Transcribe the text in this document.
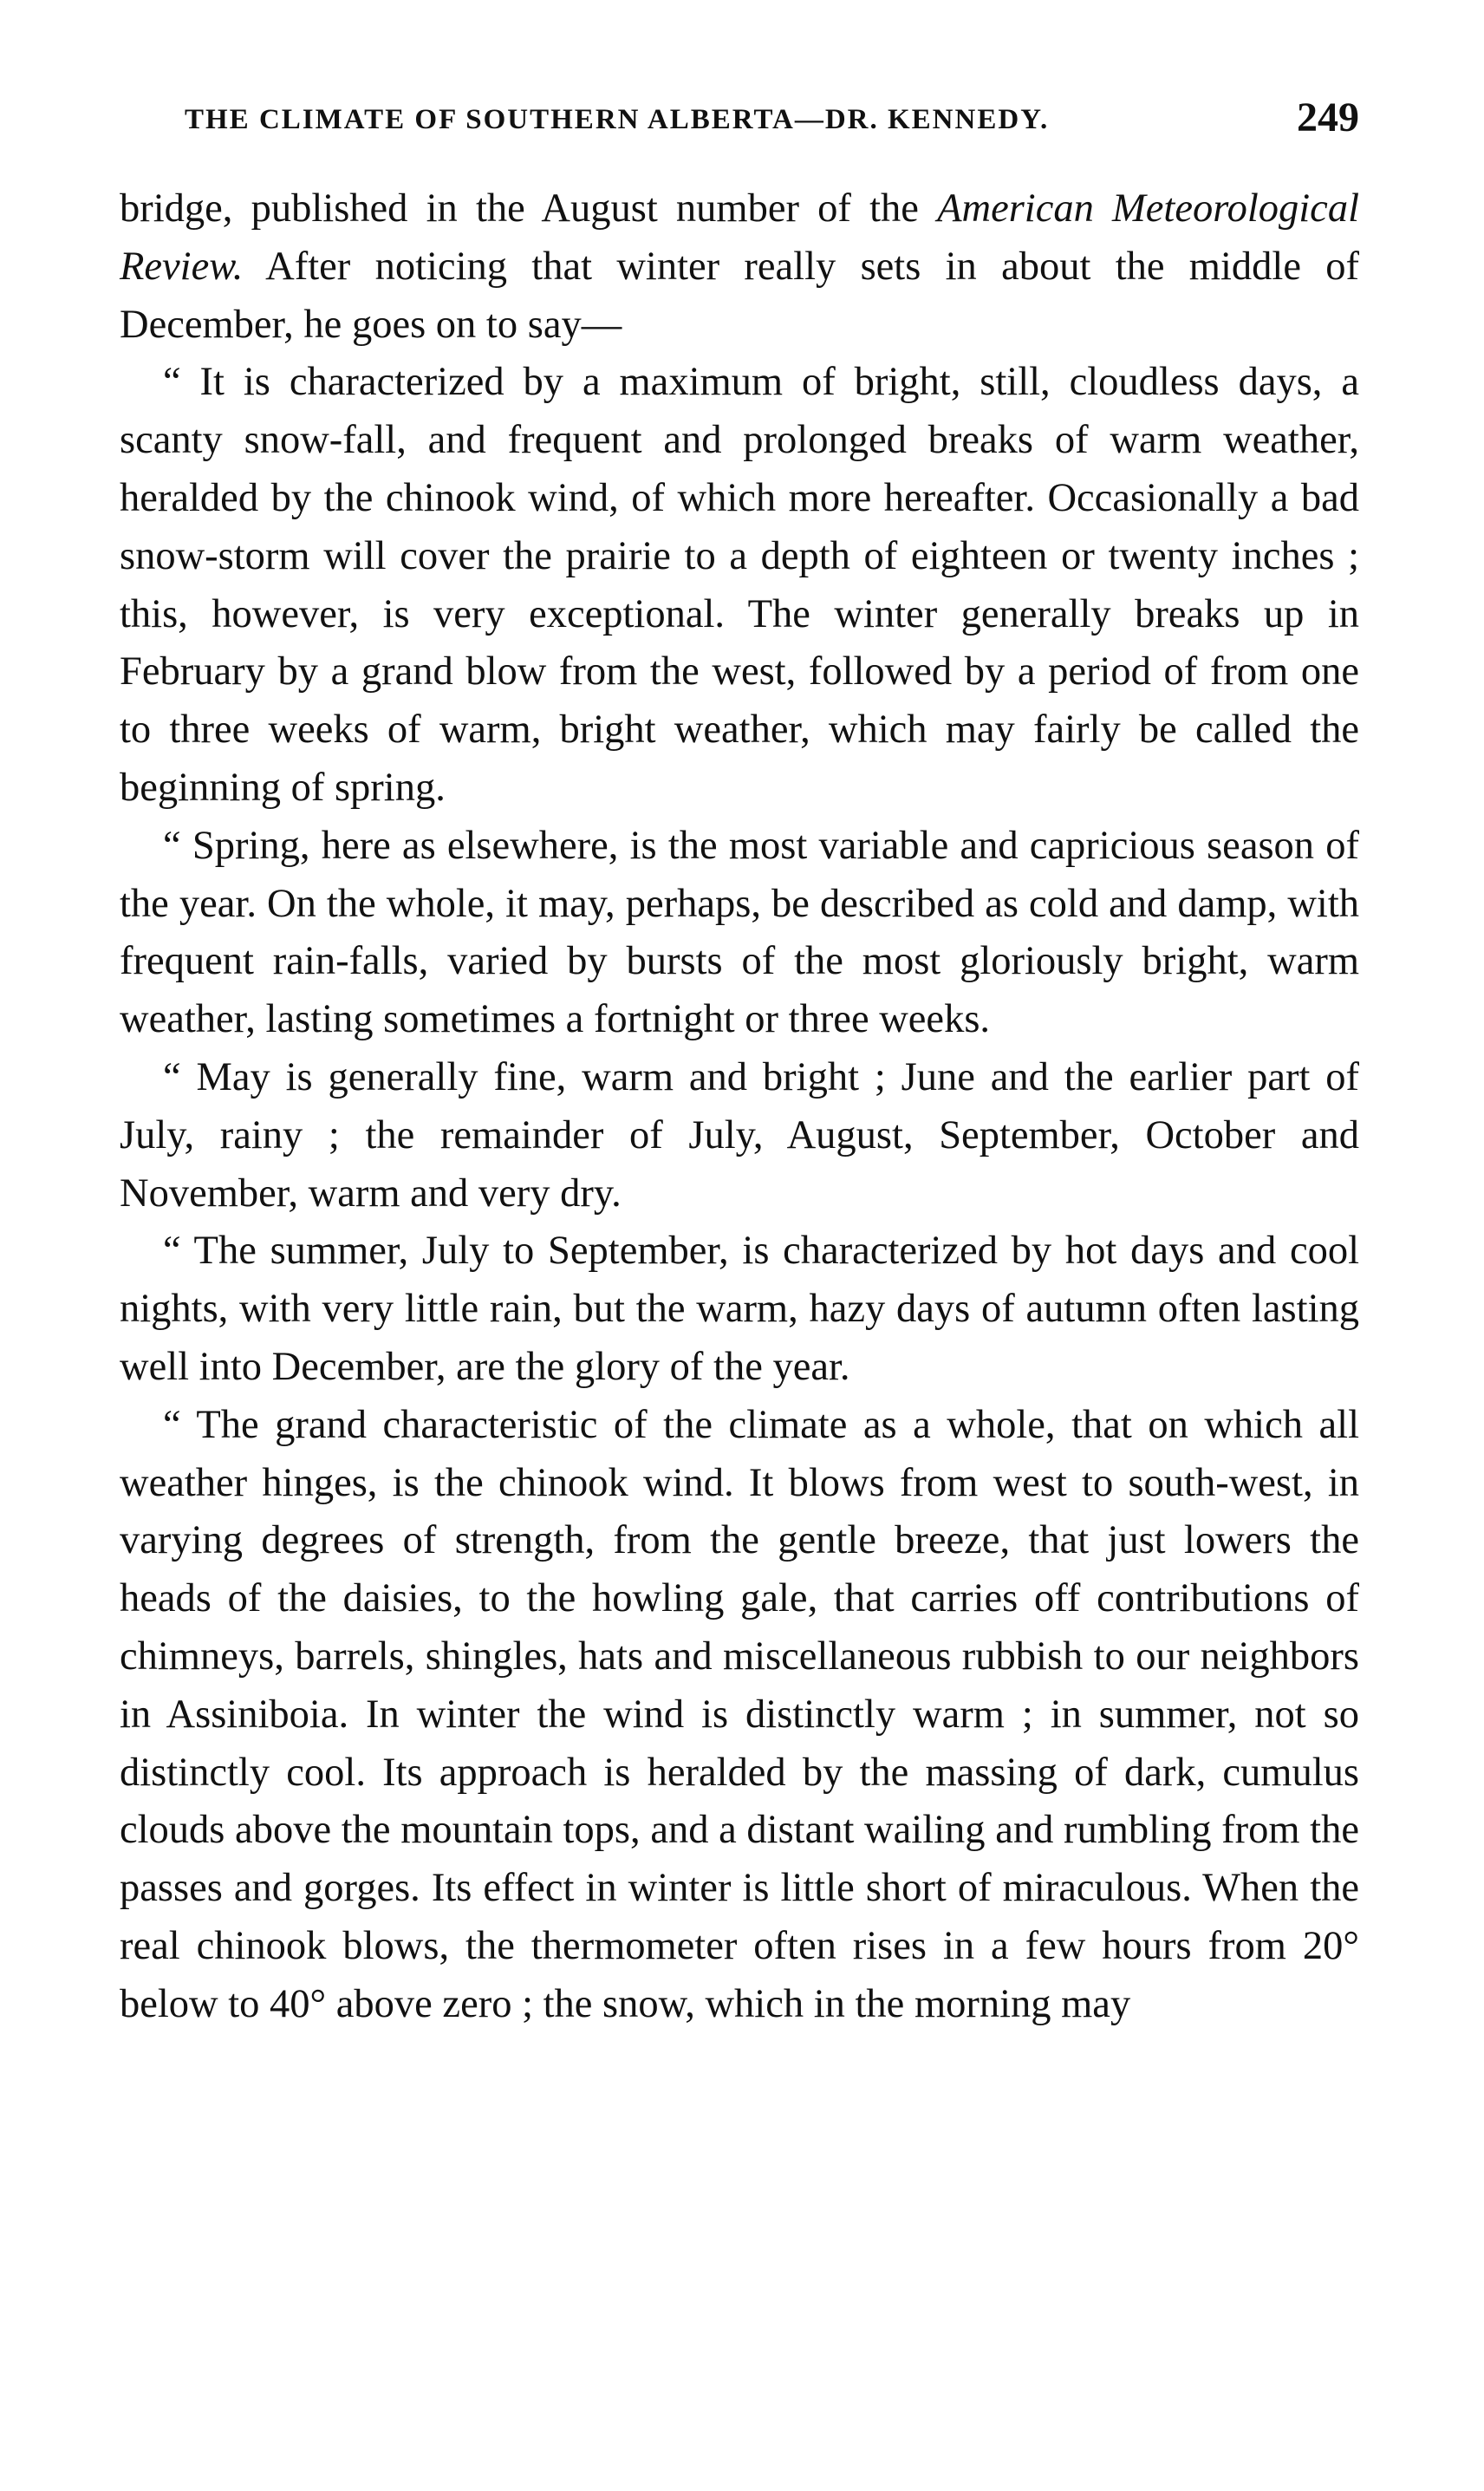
THE CLIMATE OF SOUTHERN ALBERTA—DR. KENNEDY.	249

bridge, published in the August number of the American Meteorological Review. After noticing that winter really sets in about the middle of December, he goes on to say—

“ It is characterized by a maximum of bright, still, cloudless days, a scanty snow-fall, and frequent and prolonged breaks of warm weather, heralded by the chinook wind, of which more hereafter. Occasionally a bad snow-storm will cover the prairie to a depth of eighteen or twenty inches ; this, however, is very exceptional. The winter generally breaks up in February by a grand blow from the west, followed by a period of from one to three weeks of warm, bright weather, which may fairly be called the beginning of spring.

“ Spring, here as elsewhere, is the most variable and capricious season of the year. On the whole, it may, perhaps, be described as cold and damp, with frequent rain-falls, varied by bursts of the most gloriously bright, warm weather, lasting sometimes a fortnight or three weeks.

“ May is generally fine, warm and bright ; June and the earlier part of July, rainy ; the remainder of July, August, September, October and November, warm and very dry.

“ The summer, July to September, is characterized by hot days and cool nights, with very little rain, but the warm, hazy days of autumn often lasting well into December, are the glory of the year.

“ The grand characteristic of the climate as a whole, that on which all weather hinges, is the chinook wind. It blows from west to south-west, in varying degrees of strength, from the gentle breeze, that just lowers the heads of the daisies, to the howling gale, that carries off contributions of chimneys, barrels, shingles, hats and miscellaneous rubbish to our neighbors in Assiniboia. In winter the wind is distinctly warm ; in summer, not so distinctly cool. Its approach is heralded by the massing of dark, cumulus clouds above the mountain tops, and a distant wailing and rumbling from the passes and gorges. Its effect in winter is little short of miraculous. When the real chinook blows, the thermometer often rises in a few hours from 20° below to 40° above zero ; the snow, which in the morning may
